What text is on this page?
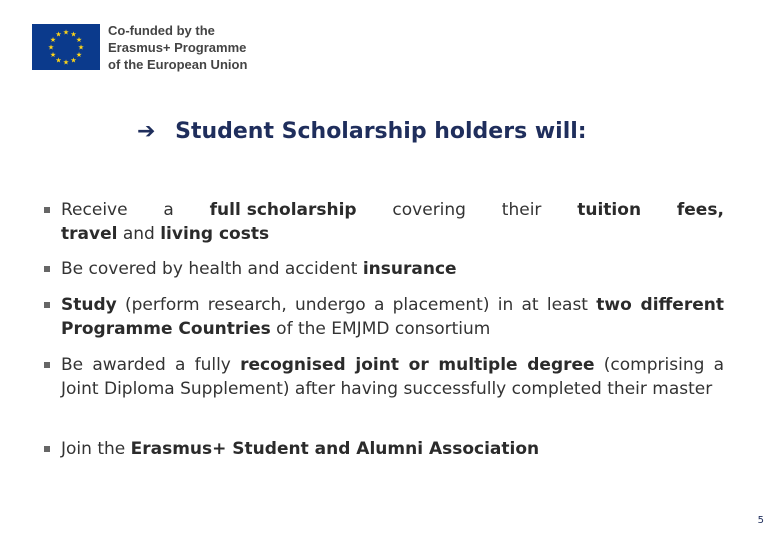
★ ★
★
★
★
★
★
★
★
★
★
★	Co-funded by the
Erasmus+ Programme
of the European Union
➔ Student Scholarship holders will:
Receive a full scholarship covering their tuition fees,
travel and living costs
Be covered by health and accident insurance
Study (perform research, undergo a placement) in at least two different Programme Countries of the EMJMD consortium
Be awarded a fully recognised joint or multiple degree (comprising a Joint Diploma Supplement) after having successfully completed their master
Join the Erasmus+ Student and Alumni Association
5
